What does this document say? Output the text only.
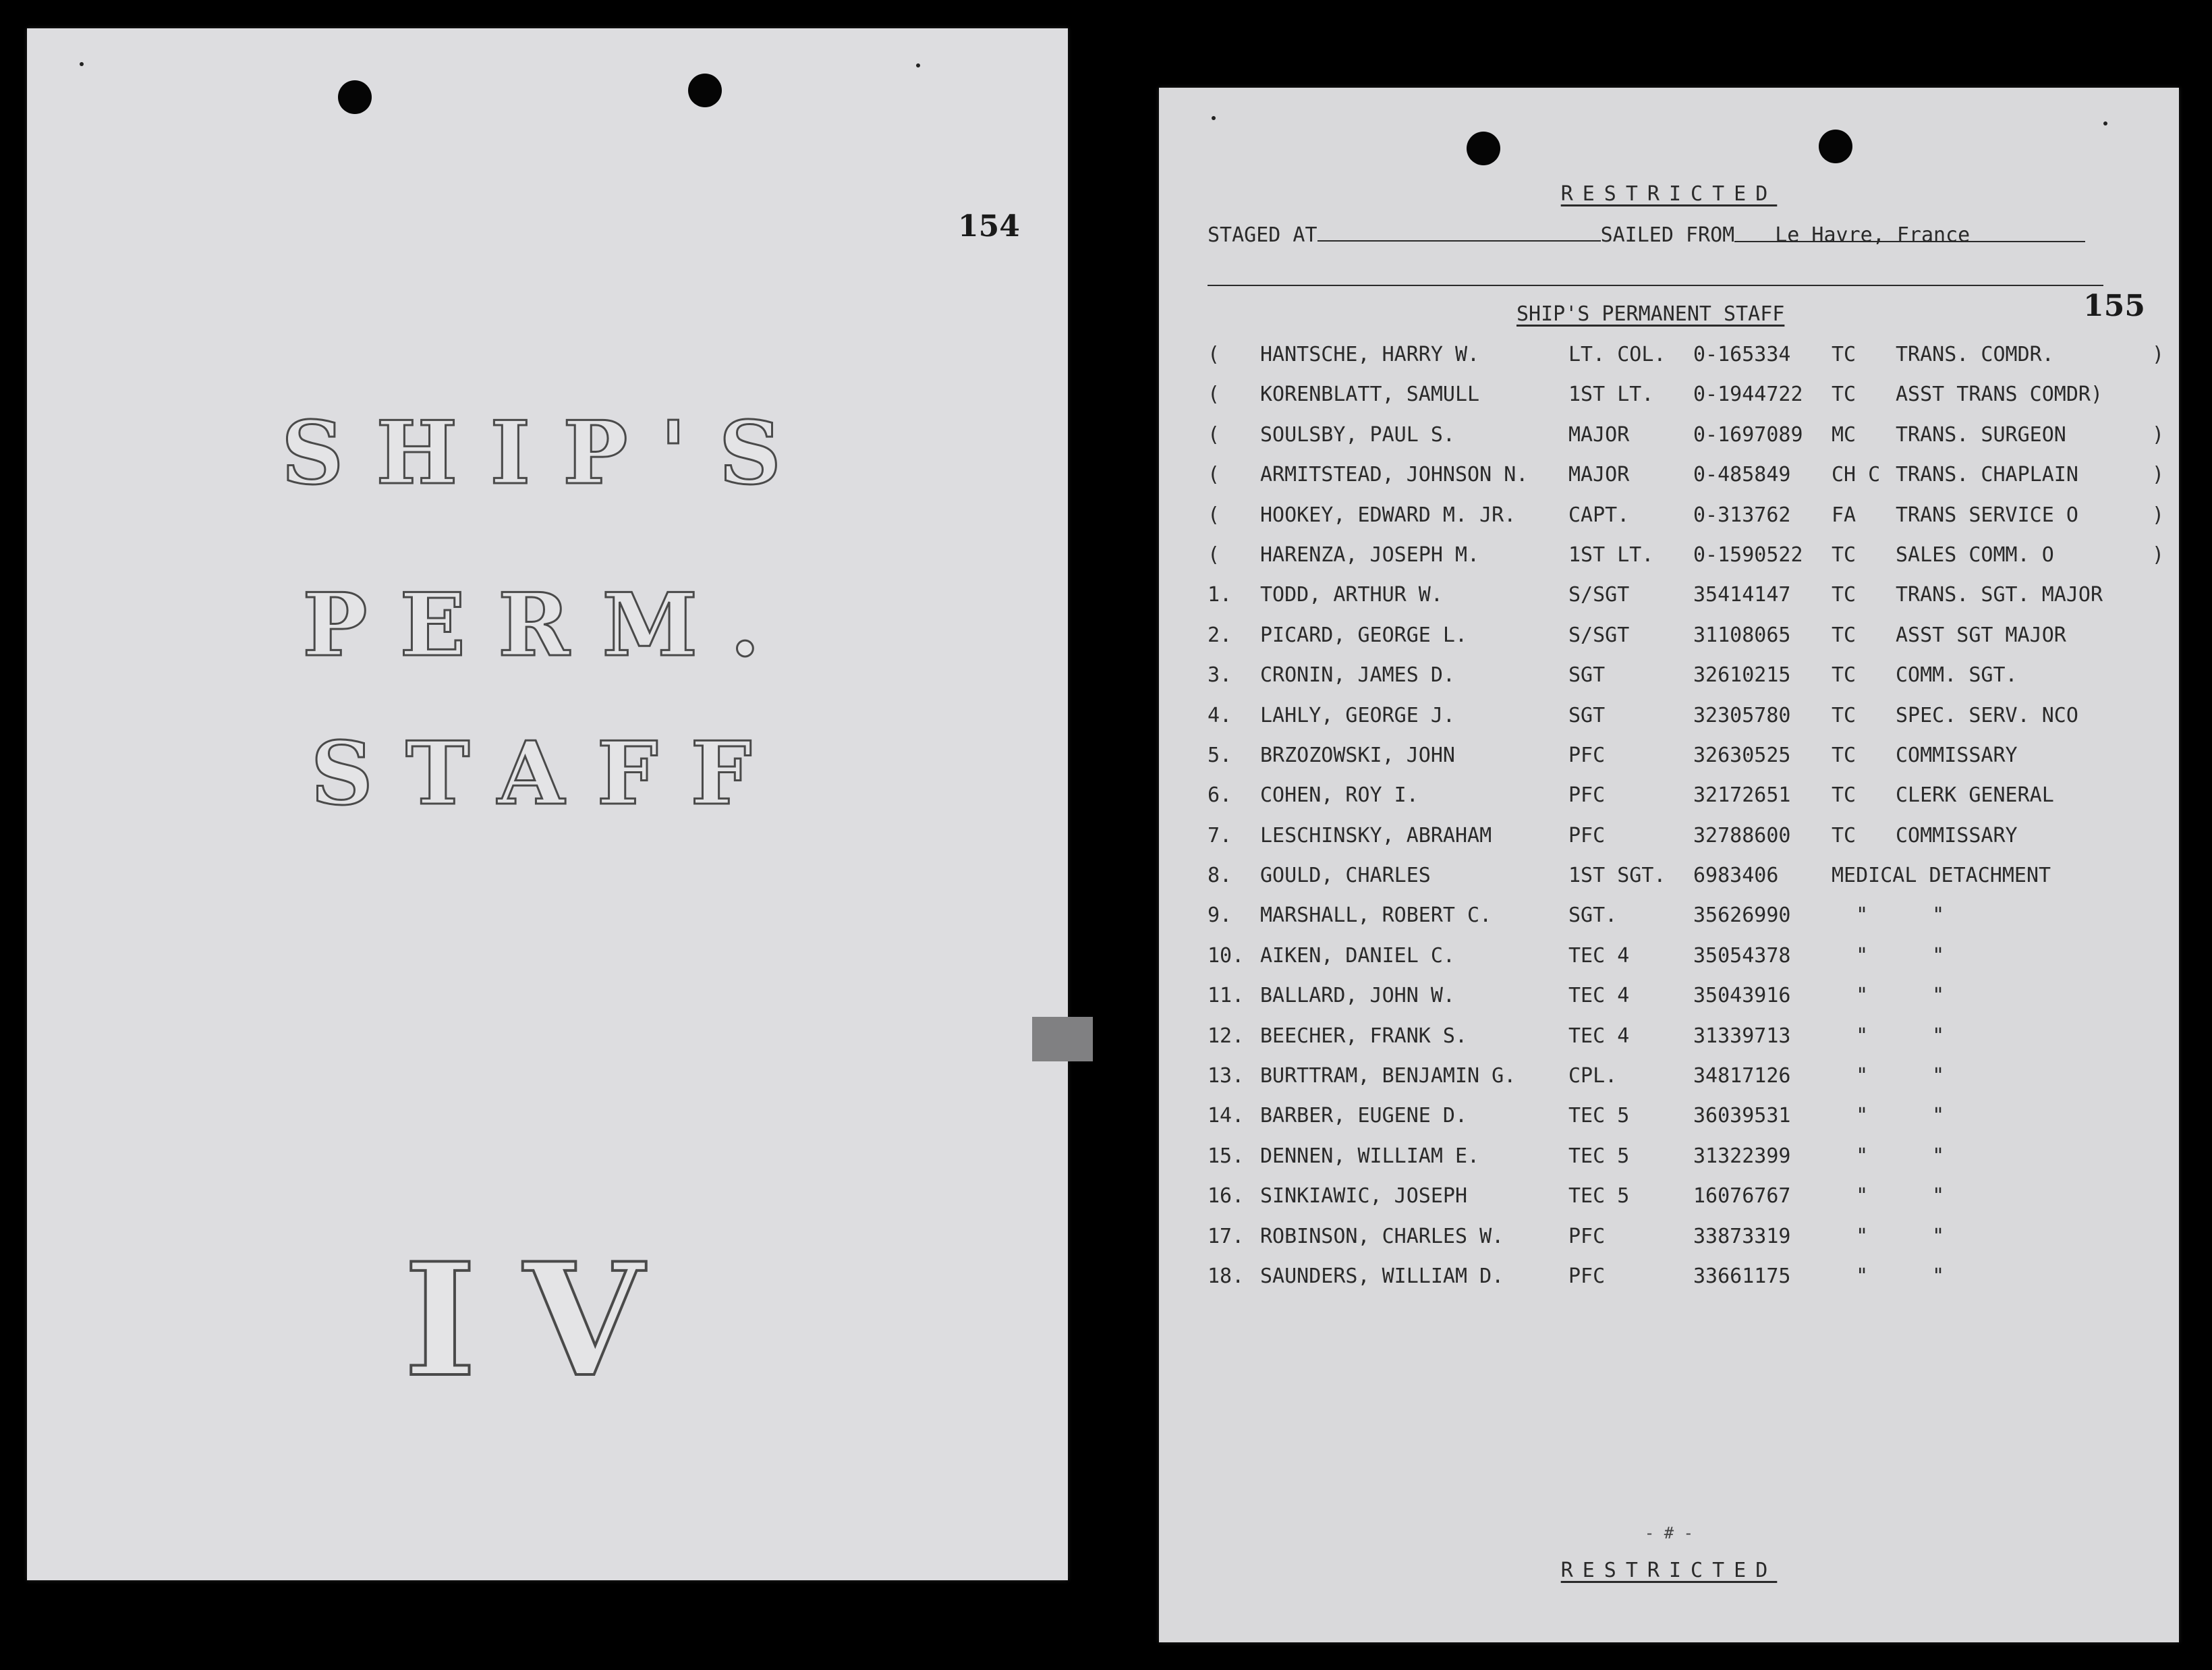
154
SHIP'S
PERM.
STAFF
IV
RESTRICTED
STAGED AT	SAILED FROM Le Havre, France
SHIP'S PERMANENT STAFF	155
( HANTSCHE, HARRY W.	LT. COL. 0-165334 TC TRANS. COMDR.	)
( KORENBLATT, SAMULL	1ST LT. 0-1944722 TC ASST TRANS COMDR)
( SOULSBY, PAUL S.	MAJOR	0-1697089 MC TRANS. SURGEON	)
( ARMITSTEAD, JOHNSON N. MAJOR	0-485849 CH C TRANS. CHAPLAIN	)
( HOOKEY, EDWARD M. JR.	CAPT.	0-313762 FA TRANS SERVICE O	)
( HARENZA, JOSEPH M.	1ST LT. 0-1590522 TC SALES COMM. O	)
1. TODD, ARTHUR W.	S/SGT	35414147 TC TRANS. SGT. MAJOR
2. PICARD, GEORGE L.	S/SGT	31108065 TC ASST SGT MAJOR
3. CRONIN, JAMES D.	SGT	32610215 TC COMM. SGT.
4. LAHLY, GEORGE J.	SGT	32305780 TC SPEC. SERV. NCO
5. BRZOZOWSKI, JOHN	PFC	32630525 TC COMMISSARY
6. COHEN, ROY I.	PFC	32172651 TC CLERK GENERAL
7. LESCHINSKY, ABRAHAM	PFC	32788600 TC COMMISSARY
8. GOULD, CHARLES	1ST SGT. 6983406	MEDICAL DETACHMENT
9. MARSHALL, ROBERT C.	SGT.	35626990 " "
10. AIKEN, DANIEL C.	TEC 4	35054378 " "
11. BALLARD, JOHN W.	TEC 4	35043916 " "
12. BEECHER, FRANK S.	TEC 4	31339713 " "
13. BURTTRAM, BENJAMIN G.	CPL.	34817126 " "
14. BARBER, EUGENE D.	TEC 5	36039531 " "
15. DENNEN, WILLIAM E.	TEC 5	31322399 " "
16. SINKIAWIC, JOSEPH	TEC 5	16076767 " "
17. ROBINSON, CHARLES W.	PFC	33873319 " "
18. SAUNDERS, WILLIAM D.	PFC	33661175 " "
- # -
RESTRICTED
